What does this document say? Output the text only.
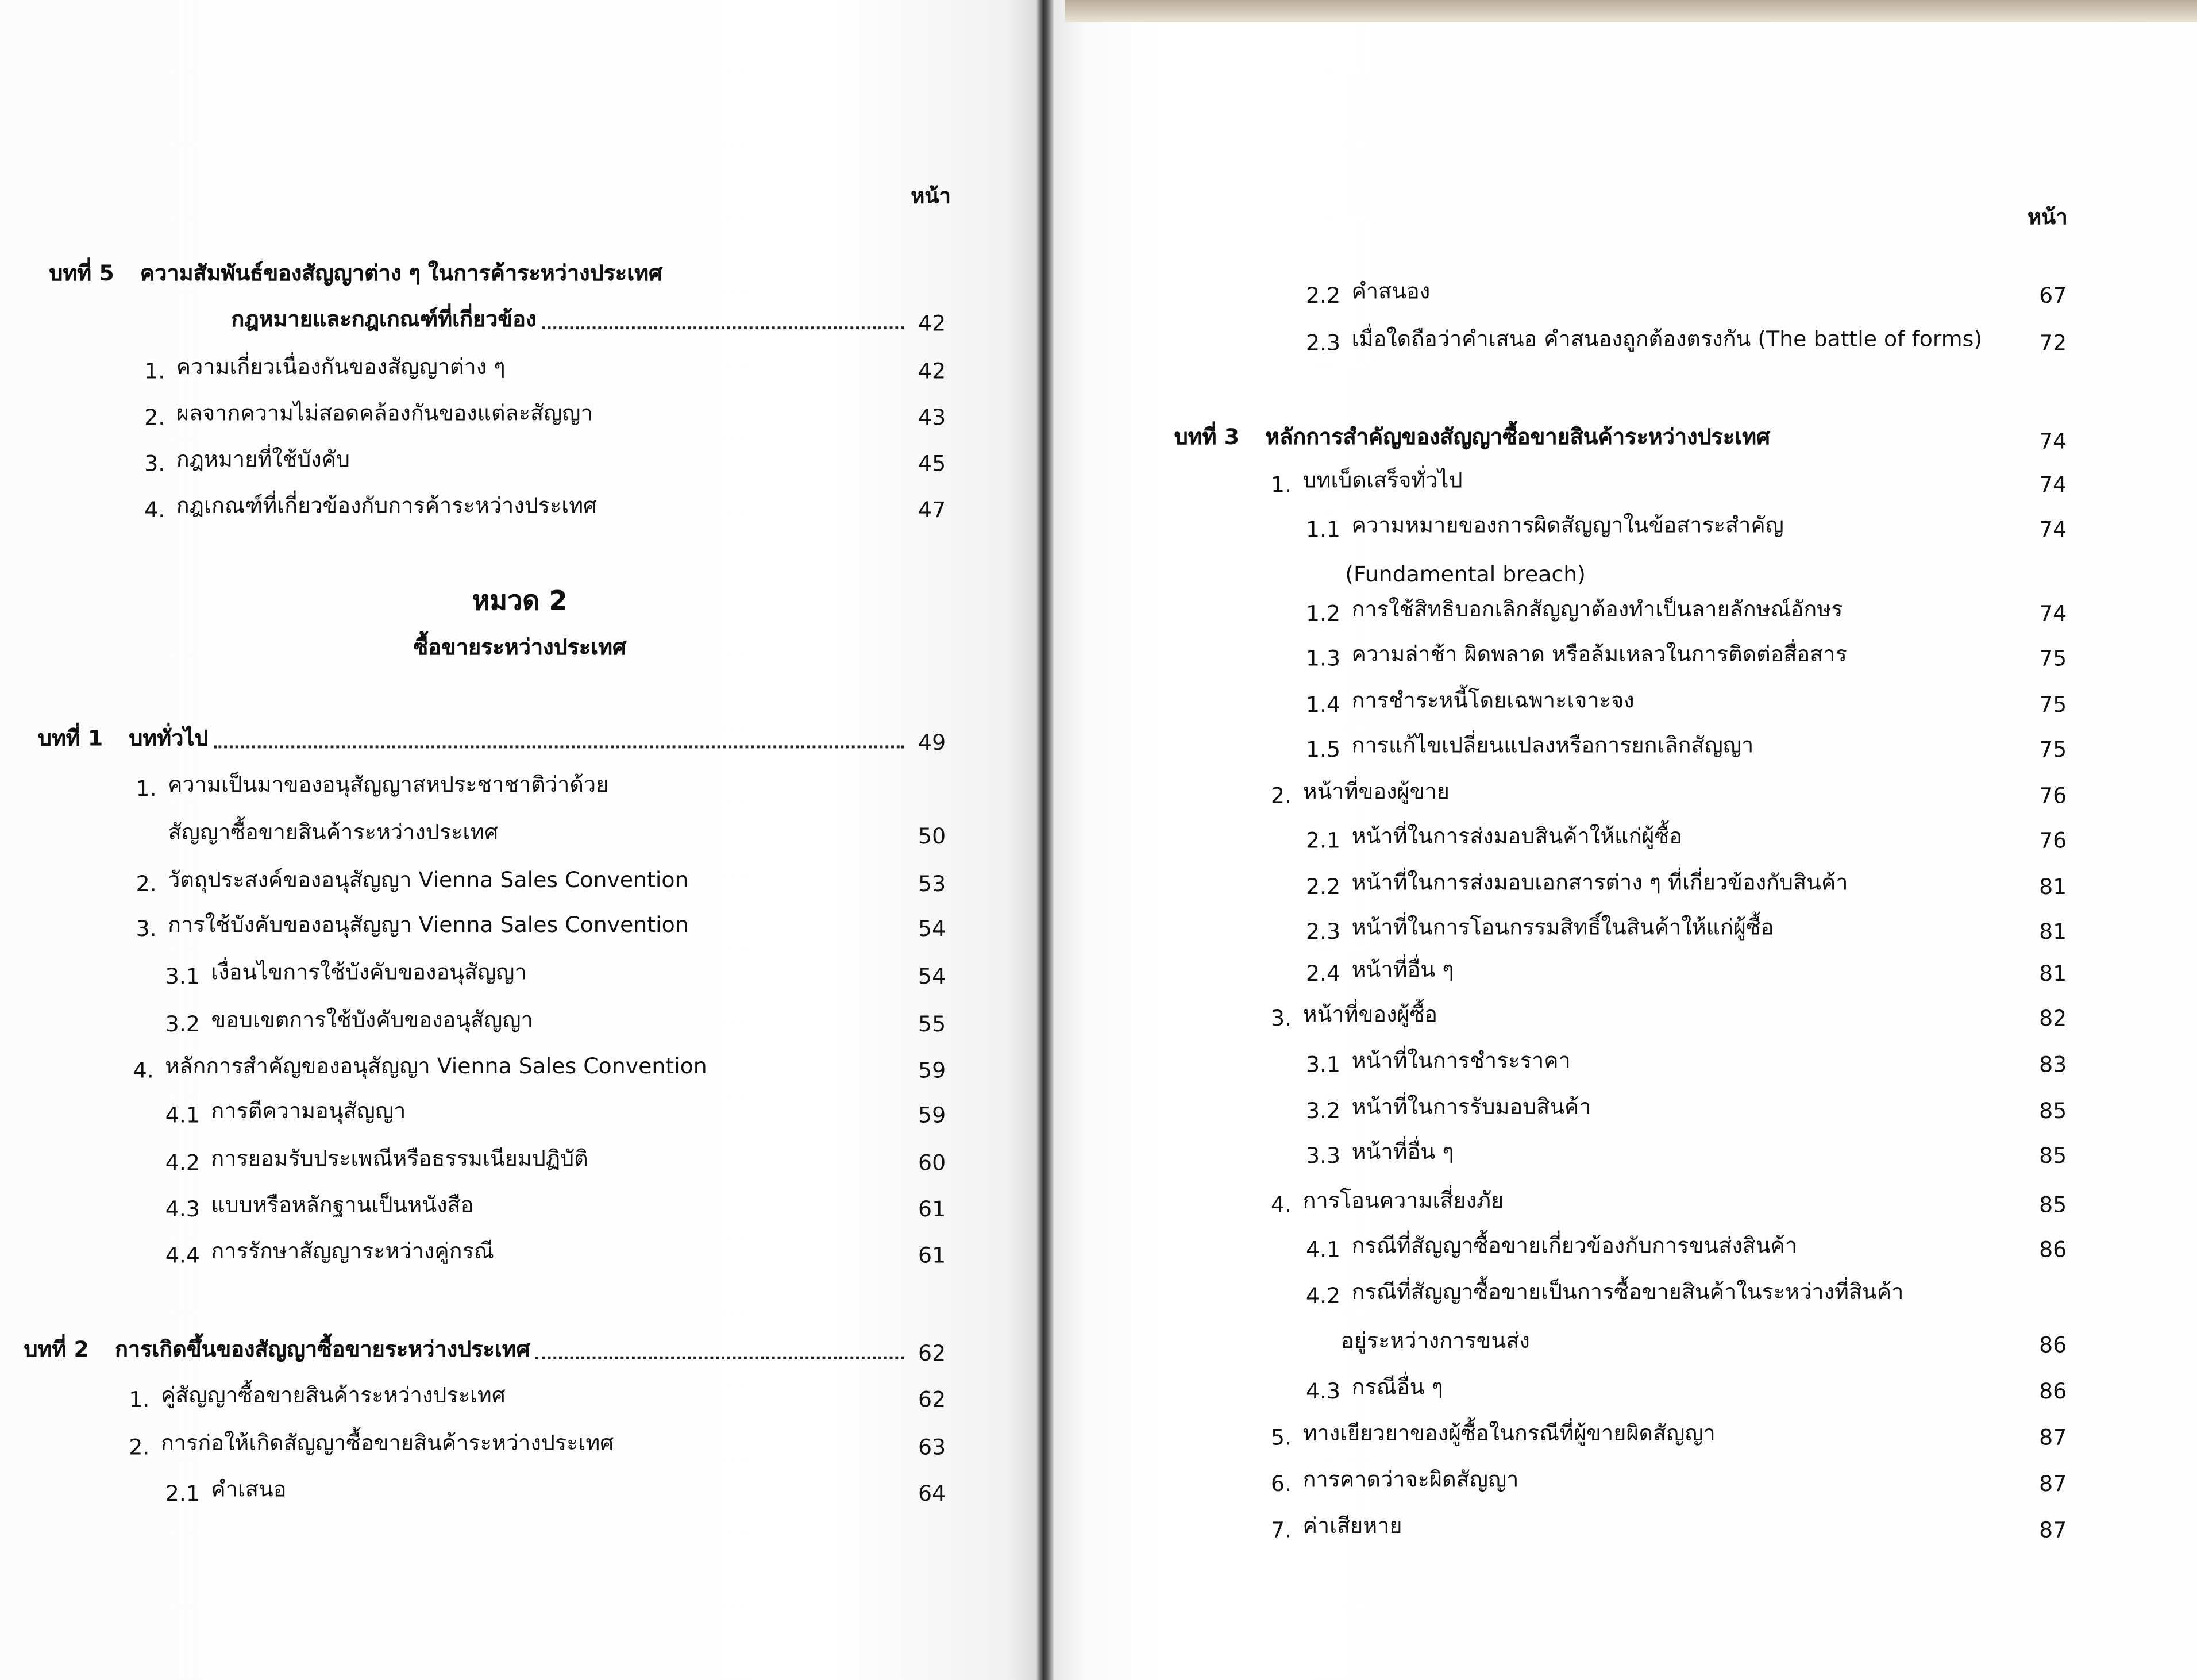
หน้า
หน้า
หมวด 2
ซื้อขายระหว่างประเทศ
บทที่ 5	ความสัมพันธ์ของสัญญาต่าง ๆ ในการค้าระหว่างประเทศ
กฎหมายและกฎเกณฑ์ที่เกี่ยวข้อง	42
1. ความเกี่ยวเนื่องกันของสัญญาต่าง ๆ	42
2. ผลจากความไม่สอดคล้องกันของแต่ละสัญญา	43
3. กฎหมายที่ใช้บังคับ	45
4. กฎเกณฑ์ที่เกี่ยวข้องกับการค้าระหว่างประเทศ	47
บทที่ 1	บททั่วไป	49
1. ความเป็นมาของอนุสัญญาสหประชาชาติว่าด้วย
สัญญาซื้อขายสินค้าระหว่างประเทศ	50
2. วัตถุประสงค์ของอนุสัญญา Vienna Sales Convention	53
3. การใช้บังคับของอนุสัญญา Vienna Sales Convention	54
3.1 เงื่อนไขการใช้บังคับของอนุสัญญา	54
3.2 ขอบเขตการใช้บังคับของอนุสัญญา	55
4. หลักการสำคัญของอนุสัญญา Vienna Sales Convention	59
4.1 การตีความอนุสัญญา	59
4.2 การยอมรับประเพณีหรือธรรมเนียมปฏิบัติ	60
4.3 แบบหรือหลักฐานเป็นหนังสือ	61
4.4 การรักษาสัญญาระหว่างคู่กรณี	61
บทที่ 2	การเกิดขึ้นของสัญญาซื้อขายระหว่างประเทศ	62
1. คู่สัญญาซื้อขายสินค้าระหว่างประเทศ	62
2. การก่อให้เกิดสัญญาซื้อขายสินค้าระหว่างประเทศ	63
2.1 คำเสนอ	64
2.2 คำสนอง	67
2.3 เมื่อใดถือว่าคำเสนอ คำสนองถูกต้องตรงกัน (The battle of forms)	72
บทที่ 3	หลักการสำคัญของสัญญาซื้อขายสินค้าระหว่างประเทศ	74
1. บทเบ็ดเสร็จทั่วไป	74
1.1 ความหมายของการผิดสัญญาในข้อสาระสำคัญ	74
(Fundamental breach)
1.2 การใช้สิทธิบอกเลิกสัญญาต้องทำเป็นลายลักษณ์อักษร	74
1.3 ความล่าช้า ผิดพลาด หรือล้มเหลวในการติดต่อสื่อสาร	75
1.4 การชำระหนี้โดยเฉพาะเจาะจง	75
1.5 การแก้ไขเปลี่ยนแปลงหรือการยกเลิกสัญญา	75
2. หน้าที่ของผู้ขาย	76
2.1 หน้าที่ในการส่งมอบสินค้าให้แก่ผู้ซื้อ	76
2.2 หน้าที่ในการส่งมอบเอกสารต่าง ๆ ที่เกี่ยวข้องกับสินค้า	81
2.3 หน้าที่ในการโอนกรรมสิทธิ์ในสินค้าให้แก่ผู้ซื้อ	81
2.4 หน้าที่อื่น ๆ	81
3. หน้าที่ของผู้ซื้อ	82
3.1 หน้าที่ในการชำระราคา	83
3.2 หน้าที่ในการรับมอบสินค้า	85
3.3 หน้าที่อื่น ๆ	85
4. การโอนความเสี่ยงภัย	85
4.1 กรณีที่สัญญาซื้อขายเกี่ยวข้องกับการขนส่งสินค้า	86
4.2 กรณีที่สัญญาซื้อขายเป็นการซื้อขายสินค้าในระหว่างที่สินค้า
อยู่ระหว่างการขนส่ง	86
4.3 กรณีอื่น ๆ	86
5. ทางเยียวยาของผู้ซื้อในกรณีที่ผู้ขายผิดสัญญา	87
6. การคาดว่าจะผิดสัญญา	87
7. ค่าเสียหาย	87
